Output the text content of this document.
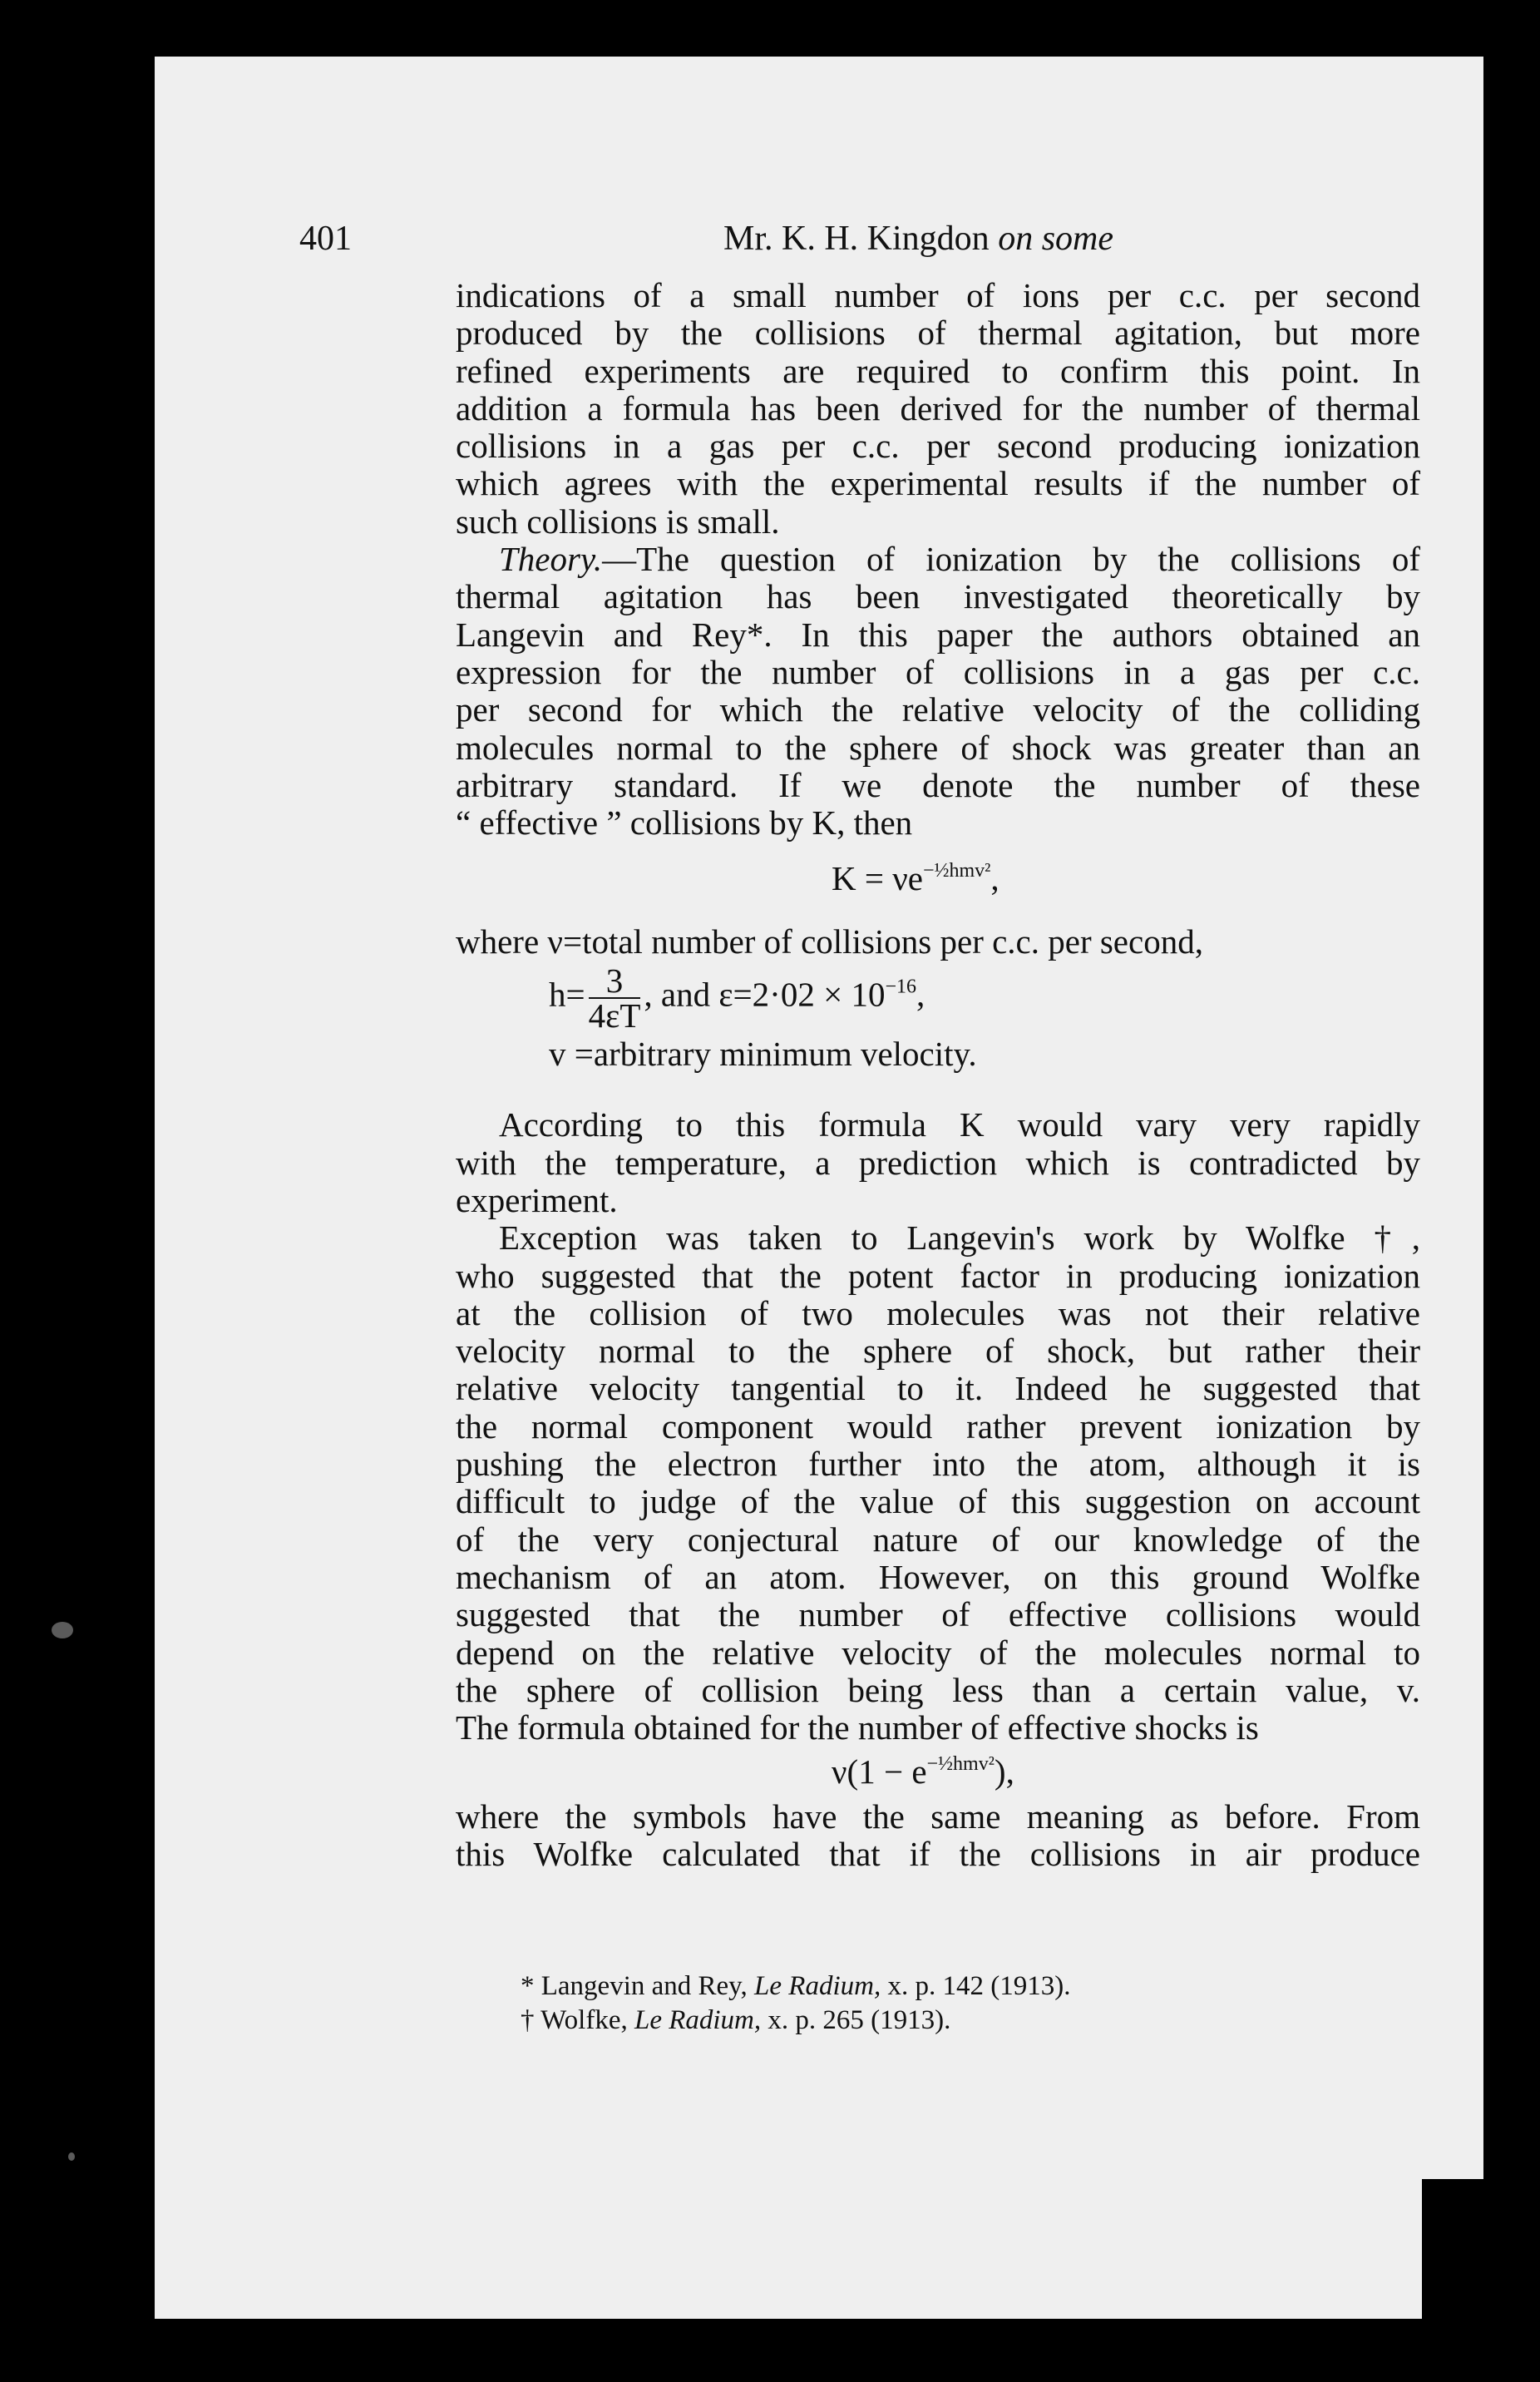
401	Mr. K. H. Kingdon on some
indications of a small number of ions per c.c. per second
produced by the collisions of thermal agitation, but more
refined experiments are required to confirm this point. In
addition a formula has been derived for the number of thermal
collisions in a gas per c.c. per second producing ionization
which agrees with the experimental results if the number of
such collisions is small.
Theory.—The question of ionization by the collisions of
thermal agitation has been investigated theoretically by
Langevin and Rey*. In this paper the authors obtained an
expression for the number of collisions in a gas per c.c.
per second for which the relative velocity of the colliding
molecules normal to the sphere of shock was greater than an
arbitrary standard. If we denote the number of these
“ effective ” collisions by K, then
$K = \nu e^{-\frac{1}{2}hmv^2}$,
where ν=total number of collisions per c.c. per second,
$h= \frac{3}{4\varepsilon T}$ , and $\varepsilon=2\cdot 02 \times 10^{-16}$,
v =arbitrary minimum velocity.
According to this formula K would vary very rapidly
with the temperature, a prediction which is contradicted by
experiment.
Exception was taken to Langevin's work by Wolfke †,
who suggested that the potent factor in producing ionization
at the collision of two molecules was not their relative
velocity normal to the sphere of shock, but rather their
relative velocity tangential to it. Indeed he suggested that
the normal component would rather prevent ionization by
pushing the electron further into the atom, although it is
difficult to judge of the value of this suggestion on account
of the very conjectural nature of our knowledge of the
mechanism of an atom. However, on this ground Wolfke
suggested that the number of effective collisions would
depend on the relative velocity of the molecules normal to
the sphere of collision being less than a certain value, v.
The formula obtained for the number of effective shocks is
$\nu(1 - e^{-\frac{1}{2}hmv^2})$,
where the symbols have the same meaning as before. From
this Wolfke calculated that if the collisions in air produce
* Langevin and Rey, Le Radium, x. p. 142 (1913).
† Wolfke, Le Radium, x. p. 265 (1913).
